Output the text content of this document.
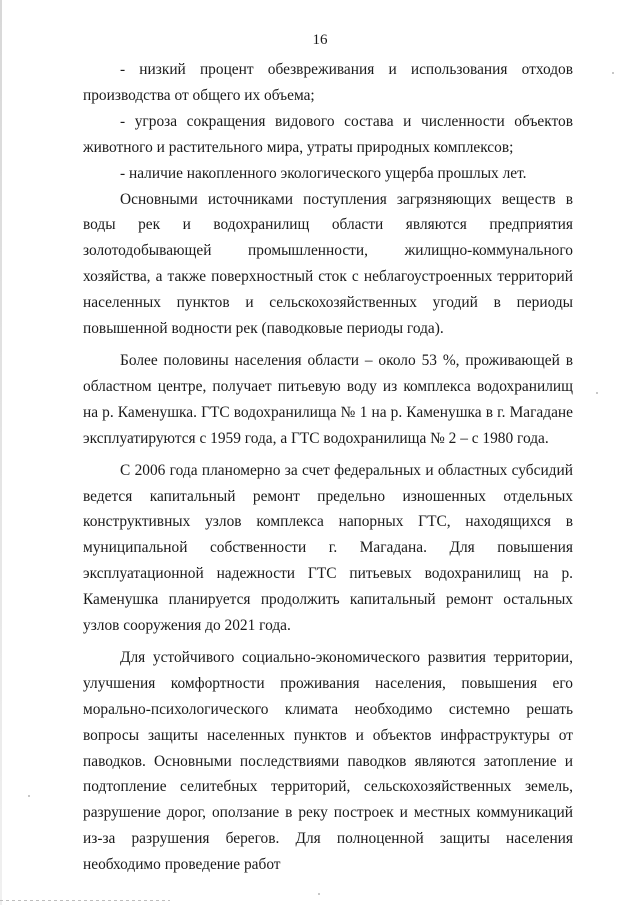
16

- низкий процент обезвреживания и использования отходов производства от общего их объема;

- угроза сокращения видового состава и численности объектов животного и растительного мира, утраты природных комплексов;

- наличие накопленного экологического ущерба прошлых лет.

Основными источниками поступления загрязняющих веществ в воды рек и водохранилищ области являются предприятия золотодобывающей промышленности, жилищно-коммунального хозяйства, а также поверхностный сток с неблагоустроенных территорий населенных пунктов и сельскохозяйственных угодий в периоды повышенной водности рек (паводковые периоды года).

Более половины населения области – около 53 %, проживающей в областном центре, получает питьевую воду из комплекса водохранилищ на р. Каменушка. ГТС водохранилища № 1 на р. Каменушка в г. Магадане эксплуатируются с 1959 года, а ГТС водохранилища № 2 – с 1980 года.

С 2006 года планомерно за счет федеральных и областных субсидий ведется капитальный ремонт предельно изношенных отдельных конструктивных узлов комплекса напорных ГТС, находящихся в муниципальной собственности г. Магадана. Для повышения эксплуатационной надежности ГТС питьевых водохранилищ на р. Каменушка планируется продолжить капитальный ремонт остальных узлов сооружения до 2021 года.

Для устойчивого социально-экономического развития территории, улучшения комфортности проживания населения, повышения его морально-психологического климата необходимо системно решать вопросы защиты населенных пунктов и объектов инфраструктуры от паводков. Основными последствиями паводков являются затопление и подтопление селитебных территорий, сельскохозяйственных земель, разрушение дорог, оползание в реку построек и местных коммуникаций из-за разрушения берегов. Для полноценной защиты населения необходимо проведение работ
